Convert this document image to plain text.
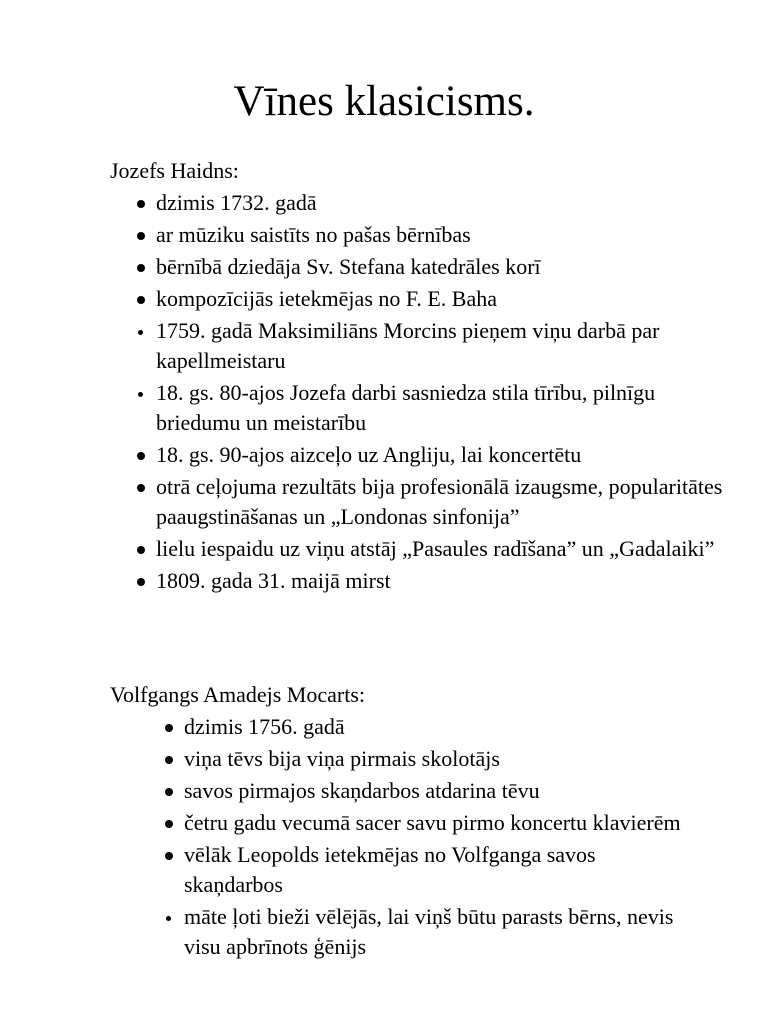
Vīnes klasicisms.

Jozefs Haidns:

dzimis 1732. gadā
ar mūziku saistīts no pašas bērnības
bērnībā dziedāja Sv. Stefana katedrāles korī
kompozīcijās ietekmējas no F. E. Baha
1759. gadā Maksimiliāns Morcins pieņem viņu darbā par kapellmeistaru
18. gs. 80-ajos Jozefa darbi sasniedza stila tīrību, pilnīgu briedumu un meistarību
18. gs. 90-ajos aizceļo uz Angliju, lai koncertētu
otrā ceļojuma rezultāts bija profesionālā izaugsme, popularitātes paaugstināšanas un „Londonas sinfonija”
lielu iespaidu uz viņu atstāj „Pasaules radīšana” un „Gadalaiki”
1809. gada 31. maijā mirst

Volfgangs Amadejs Mocarts:

dzimis 1756. gadā
viņa tēvs bija viņa pirmais skolotājs
savos pirmajos skaņdarbos atdarina tēvu
četru gadu vecumā sacer savu pirmo koncertu klavierēm
vēlāk Leopolds ietekmējas no Volfganga savos skaņdarbos
māte ļoti bieži vēlējās, lai viņš būtu parasts bērns, nevis visu apbrīnots ģēnijs
